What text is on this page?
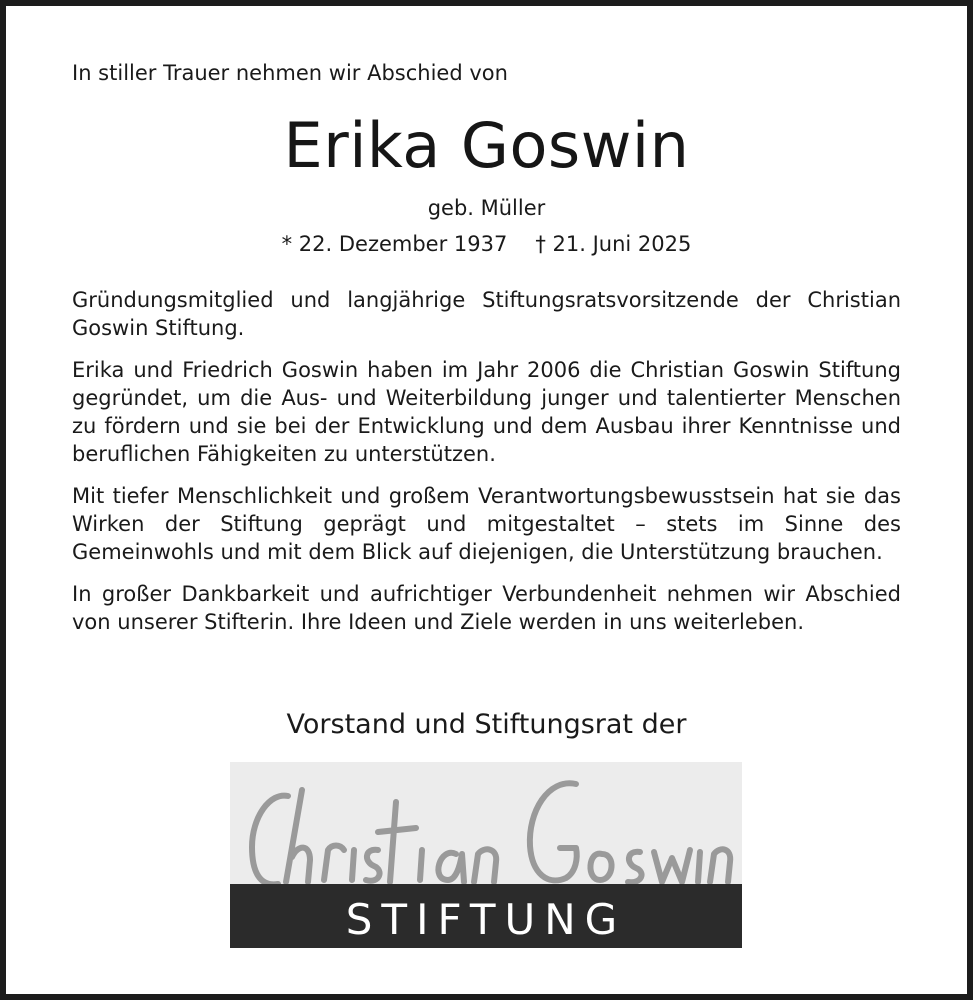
In stiller Trauer nehmen wir Abschied von
Erika Goswin
geb. Müller
* 22. Dezember 1937 † 21. Juni 2025

Gründungsmitglied und langjährige Stiftungsratsvorsitzende der Christian Goswin Stiftung.

Erika und Friedrich Goswin haben im Jahr 2006 die Christian Goswin Stiftung gegründet, um die Aus- und Weiterbildung junger und talentierter Menschen zu fördern und sie bei der Entwicklung und dem Ausbau ihrer Kenntnisse und beruflichen Fähigkeiten zu unterstützen.

Mit tiefer Menschlichkeit und großem Verantwortungsbewusstsein hat sie das Wirken der Stiftung geprägt und mitgestaltet – stets im Sinne des Gemeinwohls und mit dem Blick auf diejenigen, die Unterstützung brauchen.

In großer Dankbarkeit und aufrichtiger Verbundenheit nehmen wir Abschied von unserer Stifterin. Ihre Ideen und Ziele werden in uns weiterleben.

Vorstand und Stiftungsrat der
STIFTUNG
